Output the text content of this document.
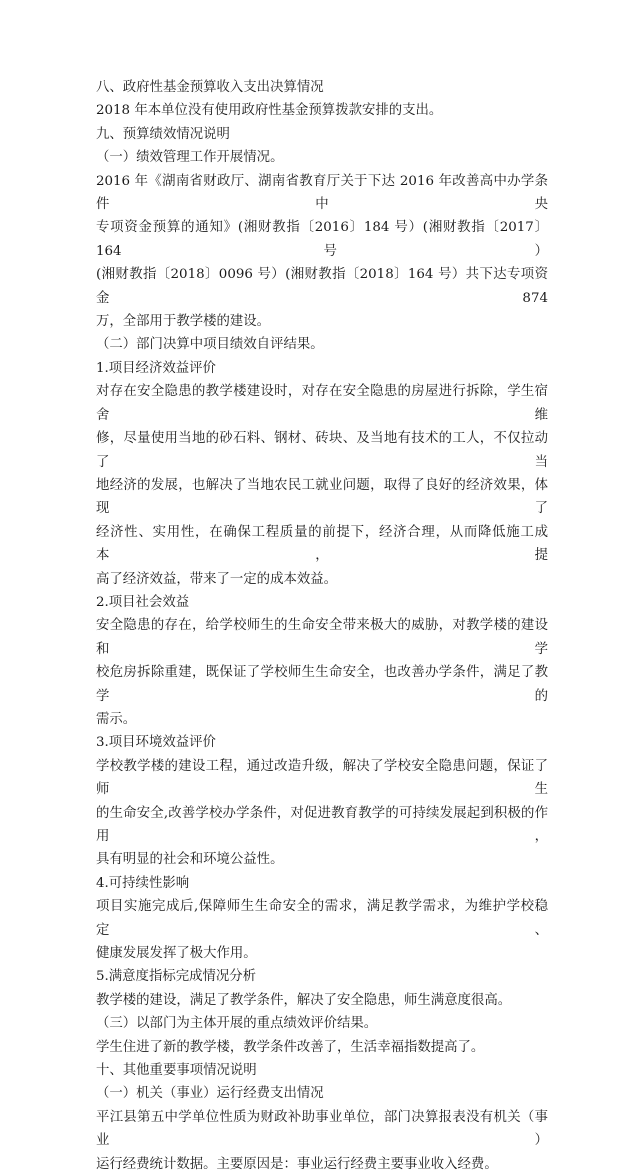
八、政府性基金预算收入支出决算情况

2018 年本单位没有使用政府性基金预算拨款安排的支出。

九、预算绩效情况说明

（一）绩效管理工作开展情况。

2016 年《湖南省财政厅、湖南省教育厅关于下达 2016 年改善高中办学条件中央

专项资金预算的通知》(湘财教指〔2016〕184 号）(湘财教指〔2017〕164 号）

(湘财教指〔2018〕0096 号）(湘财教指〔2018〕164 号）共下达专项资金 874

万，全部用于教学楼的建设。

（二）部门决算中项目绩效自评结果。

1.项目经济效益评价

对存在安全隐患的教学楼建设时，对存在安全隐患的房屋进行拆除，学生宿舍维

修，尽量使用当地的砂石料、钢材、砖块、及当地有技术的工人，不仅拉动了当

地经济的发展，也解决了当地农民工就业问题，取得了良好的经济效果，体现了

经济性、实用性，在确保工程质量的前提下，经济合理，从而降低施工成本，提

高了经济效益，带来了一定的成本效益。

2.项目社会效益

安全隐患的存在，给学校师生的生命安全带来极大的威胁，对教学楼的建设和学

校危房拆除重建，既保证了学校师生生命安全，也改善办学条件，满足了教学的

需示。

3.项目环境效益评价

学校教学楼的建设工程，通过改造升级，解决了学校安全隐患问题，保证了师生

的生命安全,改善学校办学条件，对促进教育教学的可持续发展起到积极的作用，

具有明显的社会和环境公益性。

4.可持续性影响

项目实施完成后,保障师生生命安全的需求，满足教学需求，为维护学校稳定、

健康发展发挥了极大作用。

5.满意度指标完成情况分析

教学楼的建设，满足了教学条件，解决了安全隐患，师生满意度很高。

（三）以部门为主体开展的重点绩效评价结果。

学生住进了新的教学楼，教学条件改善了，生活幸福指数提高了。

十、其他重要事项情况说明

（一）机关（事业）运行经费支出情况

平江县第五中学单位性质为财政补助事业单位，部门决算报表没有机关（事业）

运行经费统计数据。主要原因是：事业运行经费主要事业收入经费。
